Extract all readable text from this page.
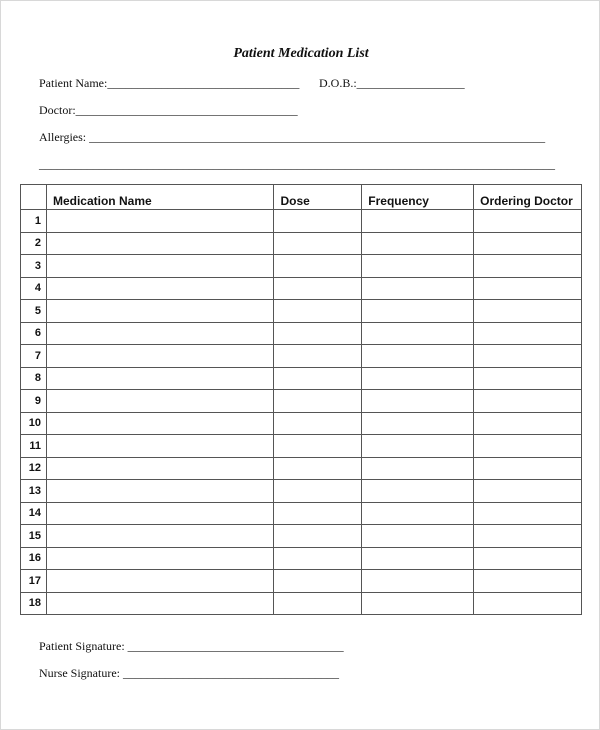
Patient Medication List
Patient Name:________________________________ D.O.B.:__________________
Doctor:_____________________________________
Allergies: ____________________________________________________________________________
______________________________________________________________________________________
	Medication Name	Dose	Frequency	Ordering Doctor
1				
2				
3				
4				
5				
6				
7				
8				
9				
10				
11				
12				
13				
14				
15				
16				
17				
18				
Patient Signature: ____________________________________
Nurse Signature: ____________________________________
